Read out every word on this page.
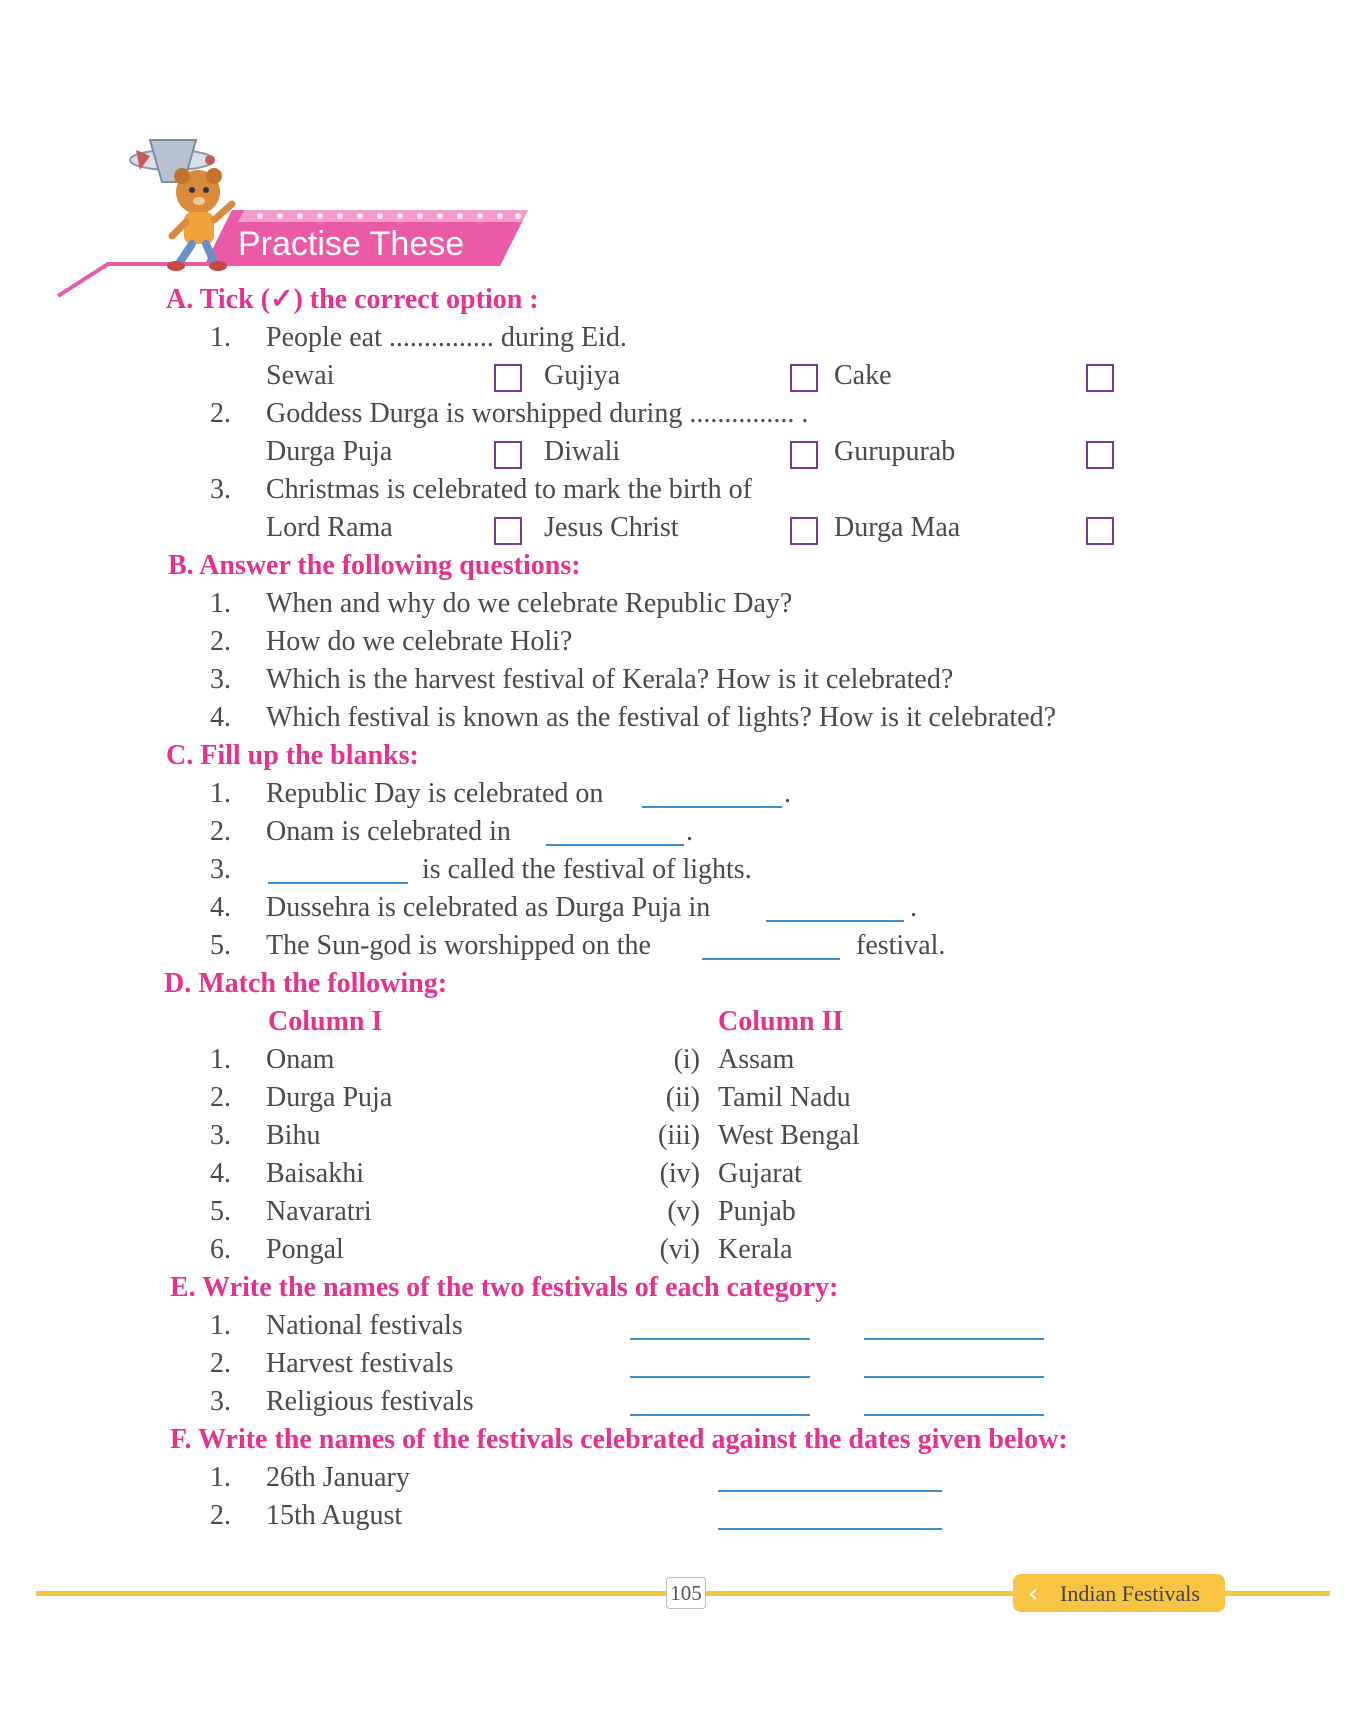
Practise These
A. Tick (✓) the correct option :
1. People eat ............... during Eid.
Sewai	Gujiya	Cake
2. Goddess Durga is worshipped during ............... .
Durga Puja	Diwali	Gurupurab
3. Christmas is celebrated to mark the birth of
Lord Rama	Jesus Christ	Durga Maa
B. Answer the following questions:
1. When and why do we celebrate Republic Day?
2. How do we celebrate Holi?
3. Which is the harvest festival of Kerala? How is it celebrated?
4. Which festival is known as the festival of lights? How is it celebrated?
C. Fill up the blanks:
1. Republic Day is celebrated on	.
2. Onam is celebrated in	.
3.	is called the festival of lights.
4. Dussehra is celebrated as Durga Puja in	.
5. The Sun-god is worshipped on the	festival.
D. Match the following:
Column I	Column II
1. Onam	(i) Assam
2. Durga Puja	(ii) Tamil Nadu
3. Bihu	(iii) West Bengal
4. Baisakhi	(iv) Gujarat
5. Navaratri	(v) Punjab
6. Pongal	(vi) Kerala
E. Write the names of the two festivals of each category:
1. National festivals
2. Harvest festivals
3. Religious festivals
F. Write the names of the festivals celebrated against the dates given below:
1. 26th January
2. 15th August
105	‹ Indian Festivals
